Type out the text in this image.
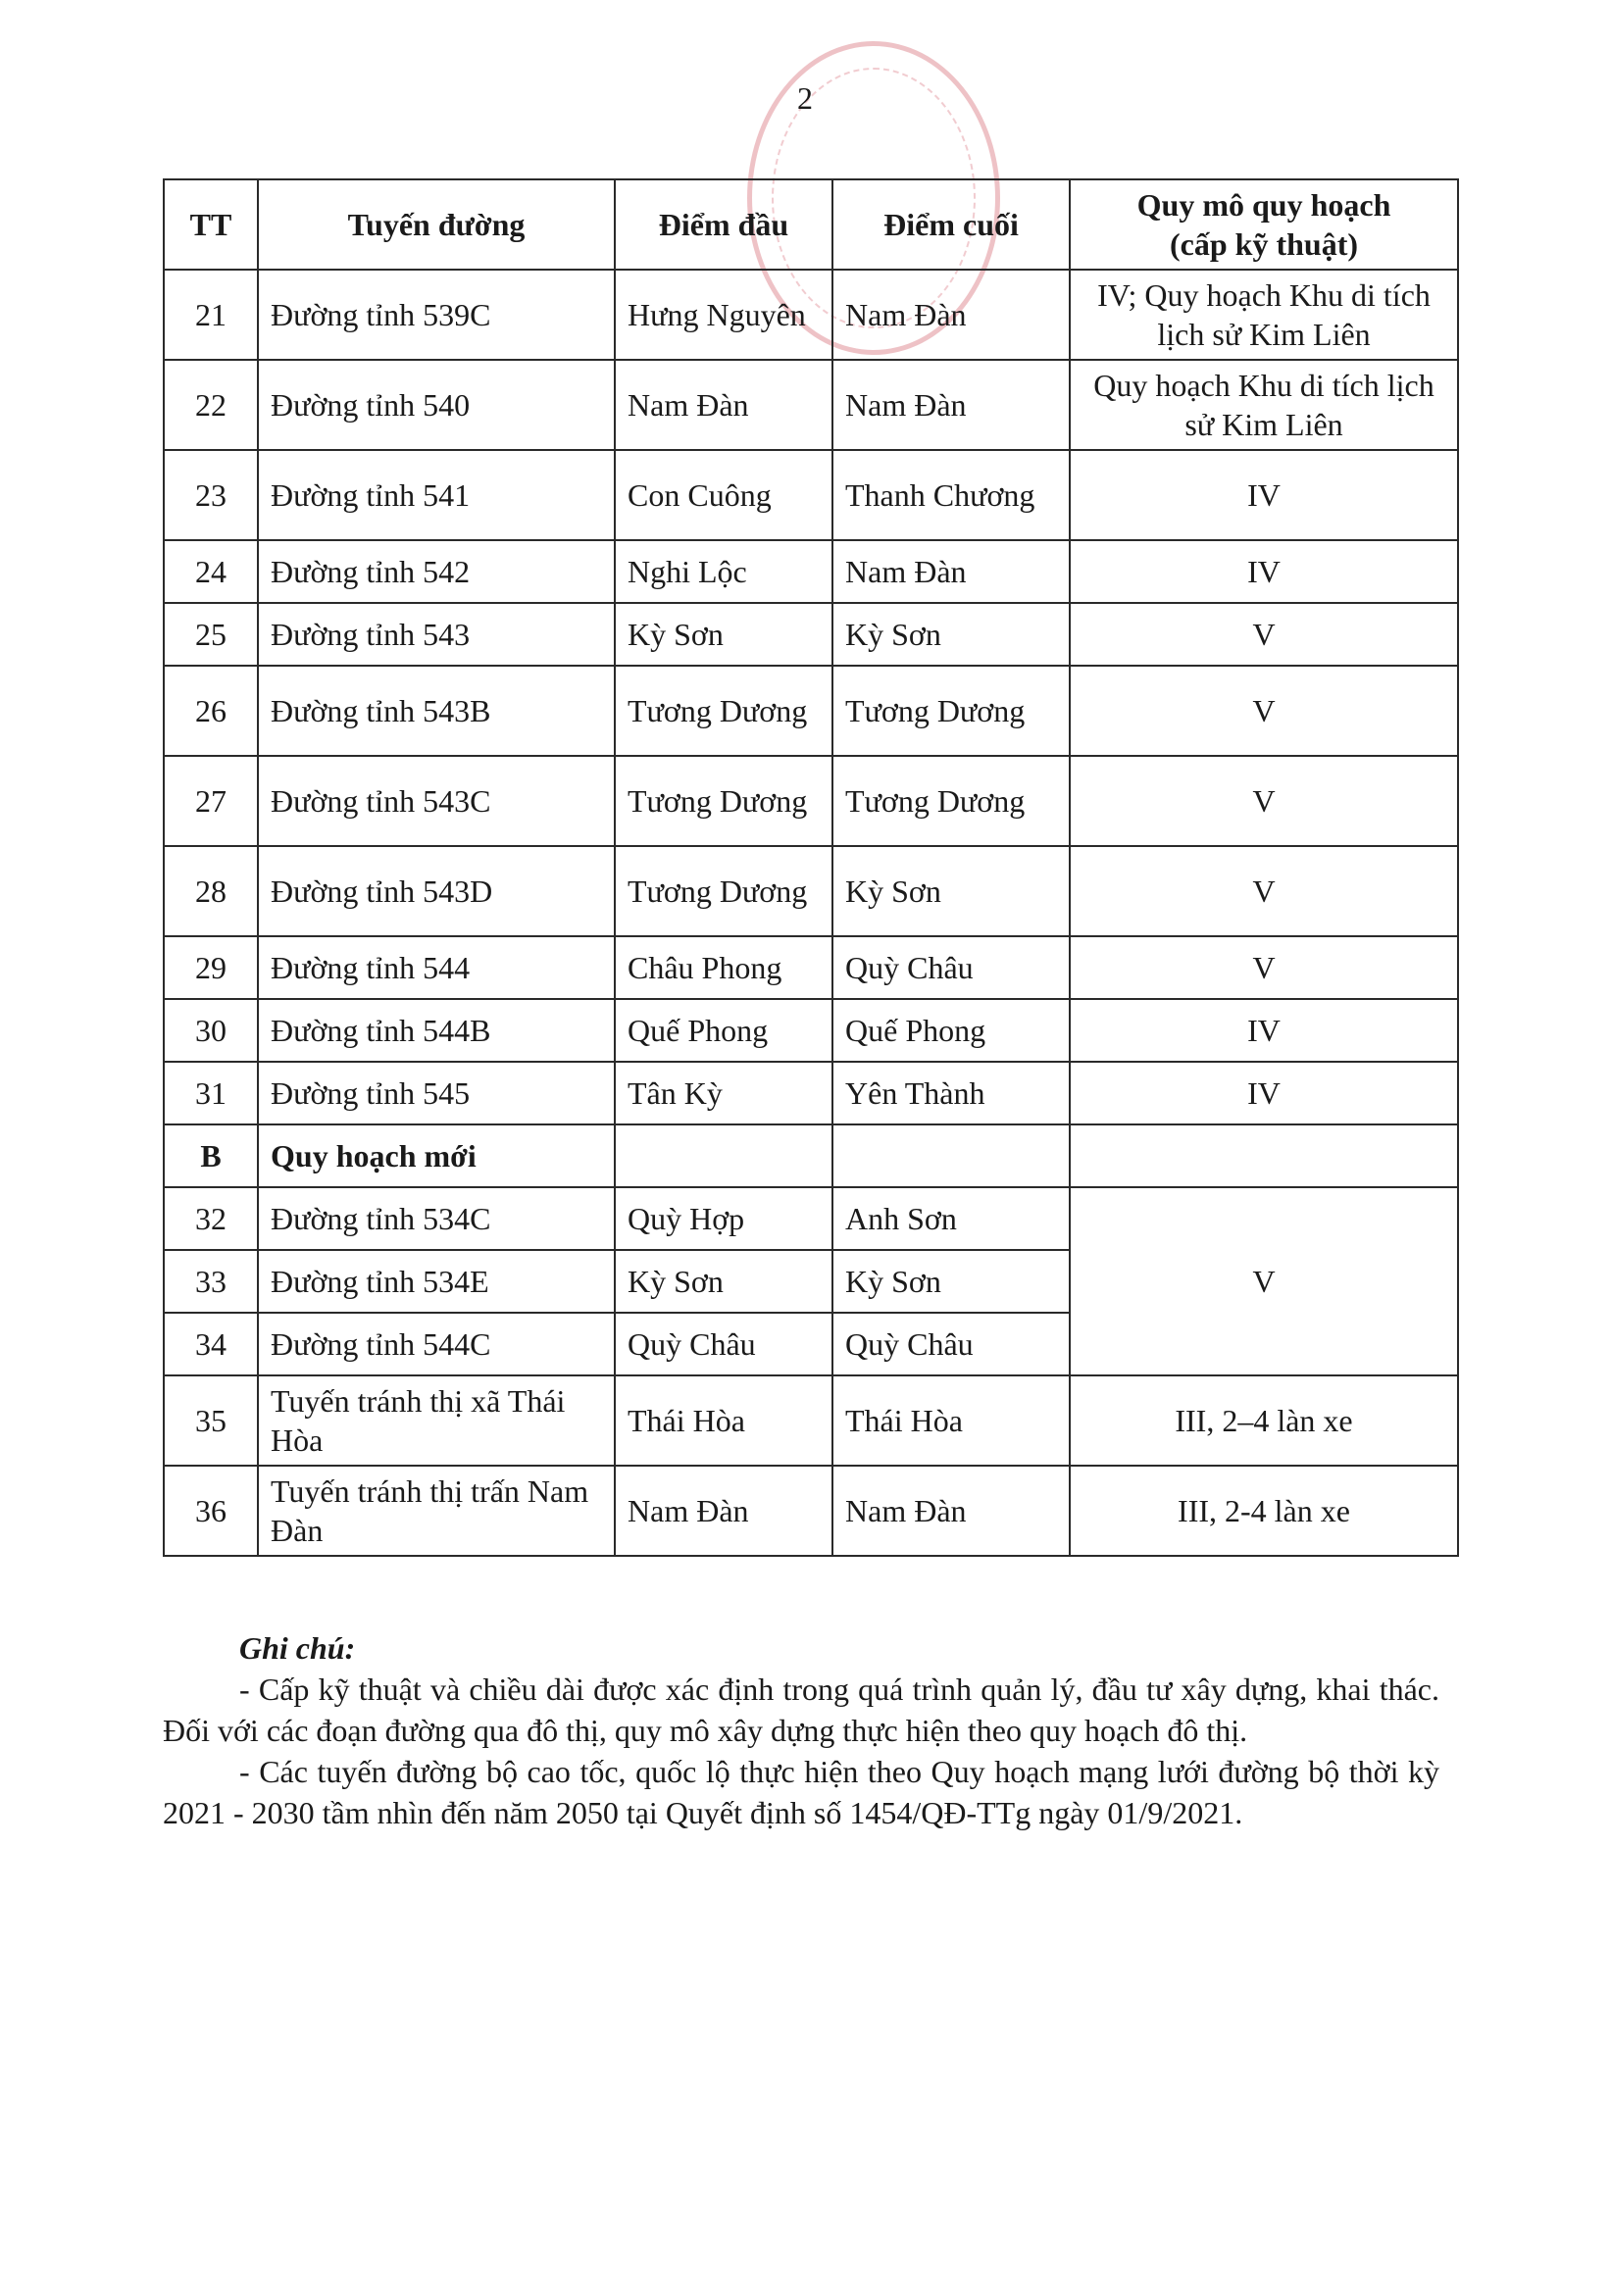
2
TT	Tuyến đường	Điểm đầu	Điểm cuối	Quy mô quy hoạch
(cấp kỹ thuật)

21	Đường tỉnh 539C	Hưng Nguyên	Nam Đàn	IV; Quy hoạch Khu di tích lịch sử Kim Liên
22	Đường tỉnh 540	Nam Đàn	Nam Đàn	Quy hoạch Khu di tích lịch sử Kim Liên
23	Đường tỉnh 541	Con Cuông	Thanh Chương	IV
24	Đường tỉnh 542	Nghi Lộc	Nam Đàn	IV
25	Đường tỉnh 543	Kỳ Sơn	Kỳ Sơn	V
26	Đường tỉnh 543B	Tương Dương	Tương Dương	V
27	Đường tỉnh 543C	Tương Dương	Tương Dương	V
28	Đường tỉnh 543D	Tương Dương	Kỳ Sơn	V
29	Đường tỉnh 544	Châu Phong	Quỳ Châu	V
30	Đường tỉnh 544B	Quế Phong	Quế Phong	IV
31	Đường tỉnh 545	Tân Kỳ	Yên Thành	IV
B	Quy hoạch mới			
32	Đường tỉnh 534C	Quỳ Hợp	Anh Sơn	V
33	Đường tỉnh 534E	Kỳ Sơn	Kỳ Sơn	
34	Đường tỉnh 544C	Quỳ Châu	Quỳ Châu	
35	Tuyến tránh thị xã Thái Hòa	Thái Hòa	Thái Hòa	III, 2–4 làn xe
36	Tuyến tránh thị trấn Nam Đàn	Nam Đàn	Nam Đàn	III, 2-4 làn xe
Ghi chú:

- Cấp kỹ thuật và chiều dài được xác định trong quá trình quản lý, đầu tư xây dựng, khai thác. Đối với các đoạn đường qua đô thị, quy mô xây dựng thực hiện theo quy hoạch đô thị.

- Các tuyến đường bộ cao tốc, quốc lộ thực hiện theo Quy hoạch mạng lưới đường bộ thời kỳ 2021 - 2030 tầm nhìn đến năm 2050 tại Quyết định số 1454/QĐ-TTg ngày 01/9/2021.
